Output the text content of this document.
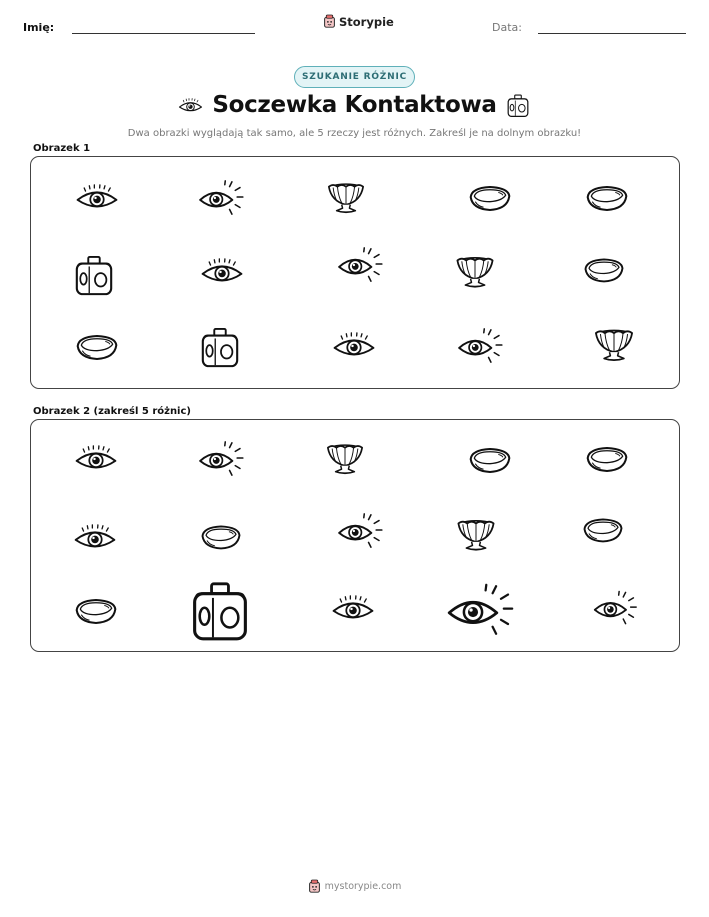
Imię:	Storypie	Data:
SZUKANIE RÓŻNIC
Soczewka Kontaktowa
Dwa obrazki wyglądają tak samo, ale 5 rzeczy jest różnych. Zakreśl je na dolnym obrazku!
Obrazek 1
Obrazek 2 (zakreśl 5 różnic)
mystorypie.com
